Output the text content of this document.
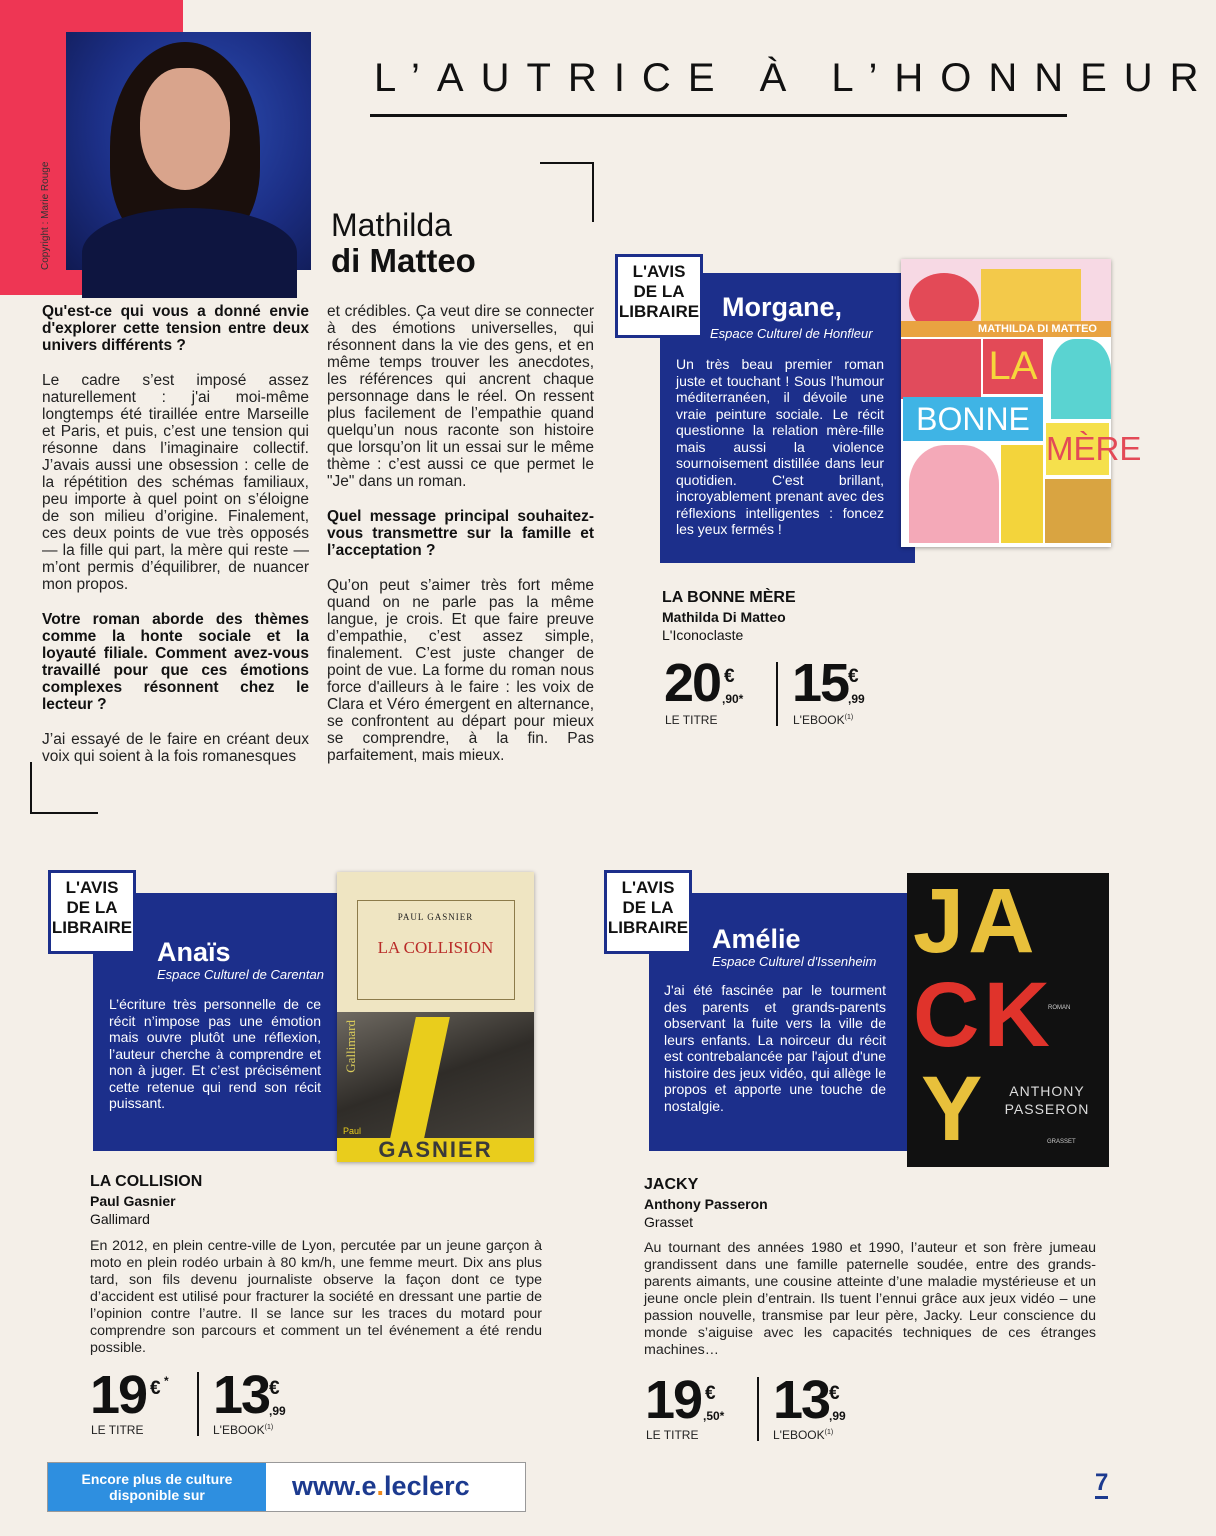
Copyright : Marie Rouge
L’AUTRICE À L’HONNEUR
Mathilda
di Matteo

Qu'est-ce qui vous a donné envie d'explorer cette tension entre deux univers différents ?

Le cadre s’est imposé assez naturellement : j'ai moi-même longtemps été tiraillée entre Marseille et Paris, et puis, c’est une tension qui résonne dans l’imaginaire collectif. J’avais aussi une obsession : celle de la répétition des schémas familiaux, peu importe à quel point on s’éloigne de son milieu d’origine. Finalement, ces deux points de vue très opposés — la fille qui part, la mère qui reste — m’ont permis d’équilibrer, de nuancer mon propos.

Votre roman aborde des thèmes comme la honte sociale et la loyauté filiale. Comment avez-vous travaillé pour que ces émotions complexes résonnent chez le lecteur ?

J’ai essayé de le faire en créant deux voix qui soient à la fois romanesques

et crédibles. Ça veut dire se connecter à des émotions universelles, qui résonnent dans la vie des gens, et en même temps trouver les anecdotes, les références qui ancrent chaque personnage dans le réel. On ressent plus facilement de l’empathie quand quelqu’un nous raconte son histoire que lorsqu’on lit un essai sur le même thème : c’est aussi ce que permet le "Je" dans un roman.

Quel message principal souhaitez-vous transmettre sur la famille et l’acceptation ?

Qu’on peut s’aimer très fort même quand on ne parle pas la même langue, je crois. Et que faire preuve d’empathie, c’est assez simple, finalement. C’est juste changer de point de vue. La forme du roman nous force d'ailleurs à le faire : les voix de Clara et Véro émergent en alternance, se confrontent au départ pour mieux se comprendre, à la fin. Pas parfaitement, mais mieux.

L'AVIS
DE LA
LIBRAIRE Morgane,
Espace Culturel de Honfleur
Un très beau premier roman juste et touchant ! Sous l'humour méditerranéen, il dévoile une vraie peinture sociale. Le récit questionne la relation mère-fille mais aussi la violence sournoisement distillée dans leur quotidien. C'est brillant, incroyablement prenant avec des réflexions intelligentes : foncez les yeux fermés !
MATHILDA DI MATTEO
LA
BONNE
MÈRE
LA BONNE MÈRE
Mathilda Di Matteo
L'Iconoclaste
20 €
,90*
LE TITRE
15 €
,99
L'EBOOK$^{(1)}$
L'AVIS
DE LA
LIBRAIRE
Anaïs
Espace Culturel de Carentan
L’écriture très personnelle de ce récit n’impose pas une émotion mais ouvre plutôt une réflexion, l’auteur cherche à comprendre et non à juger. Et c’est précisément cette retenue qui rend son récit puissant.
PAUL GASNIER
LA COLLISION
Gallimard
GASNIER
Paul
LA COLLISION
Paul Gasnier
Gallimard
En 2012, en plein centre-ville de Lyon, percutée par un jeune garçon à moto en plein rodéo urbain à 80 km/h, une femme meurt. Dix ans plus tard, son fils devenu journaliste observe la façon dont ce type d’accident est utilisé pour fracturer la société en dressant une partie de l’opinion contre l’autre. Il se lance sur les traces du motard pour comprendre son parcours et comment un tel événement a été rendu possible.
19 € *
LE TITRE
13 €
,99
L'EBOOK$^{(1)}$
L'AVIS
DE LA
LIBRAIRE Amélie
Espace Culturel d'Issenheim
J'ai été fascinée par le tourment des parents et grands-parents observant la fuite vers la ville de leurs enfants. La noirceur du récit est contrebalancée par l'ajout d'une histoire des jeux vidéo, qui allège le propos et apporte une touche de nostalgie.
JA
CK
Y
ROMAN
ANTHONY
PASSERON
GRASSET
JACKY
Anthony Passeron
Grasset
Au tournant des années 1980 et 1990, l’auteur et son frère jumeau grandissent dans une famille paternelle soudée, entre des grands-parents aimants, une cousine atteinte d’une maladie mystérieuse et un jeune oncle plein d’entrain. Ils tuent l’ennui grâce aux jeux vidéo – une passion nouvelle, transmise par leur père, Jacky. Leur conscience du monde s’aiguise avec les capacités techniques de ces étranges machines…
19 €
,50*
LE TITRE
13 €
,99
L'EBOOK$^{(1)}$
Encore plus de culture disponible sur	www.e.leclerc	7
